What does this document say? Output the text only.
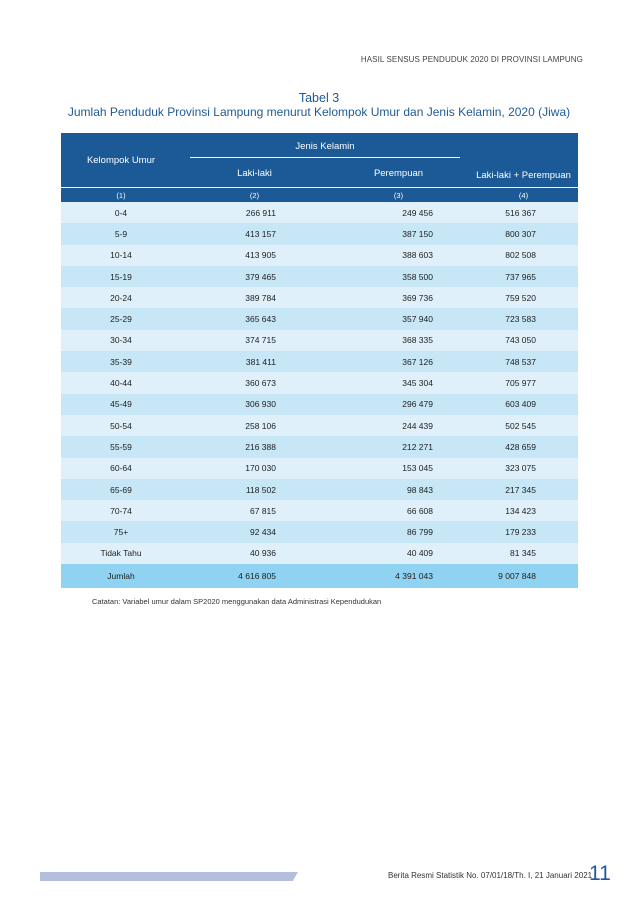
HASIL SENSUS PENDUDUK 2020 DI PROVINSI LAMPUNG
Tabel 3
Jumlah Penduduk Provinsi Lampung menurut Kelompok Umur dan Jenis Kelamin, 2020 (Jiwa)
Kelompok Umur	Jenis Kelamin		Laki-laki + Perempuan
	Laki-laki	Perempuan	
(1)	(2)	(3)	(4)
0-4	266 911	249 456	516 367
5-9	413 157	387 150	800 307
10-14	413 905	388 603	802 508
15-19	379 465	358 500	737 965
20-24	389 784	369 736	759 520
25-29	365 643	357 940	723 583
30-34	374 715	368 335	743 050
35-39	381 411	367 126	748 537
40-44	360 673	345 304	705 977
45-49	306 930	296 479	603 409
50-54	258 106	244 439	502 545
55-59	216 388	212 271	428 659
60-64	170 030	153 045	323 075
65-69	118 502	98 843	217 345
70-74	67 815	66 608	134 423
75+	92 434	86 799	179 233
Tidak Tahu	40 936	40 409	81 345
Jumlah	4 616 805	4 391 043	9 007 848
Catatan: Variabel umur dalam SP2020 menggunakan data Administrasi Kependudukan
Berita Resmi Statistik No. 07/01/18/Th. I, 21 Januari 2021
11
